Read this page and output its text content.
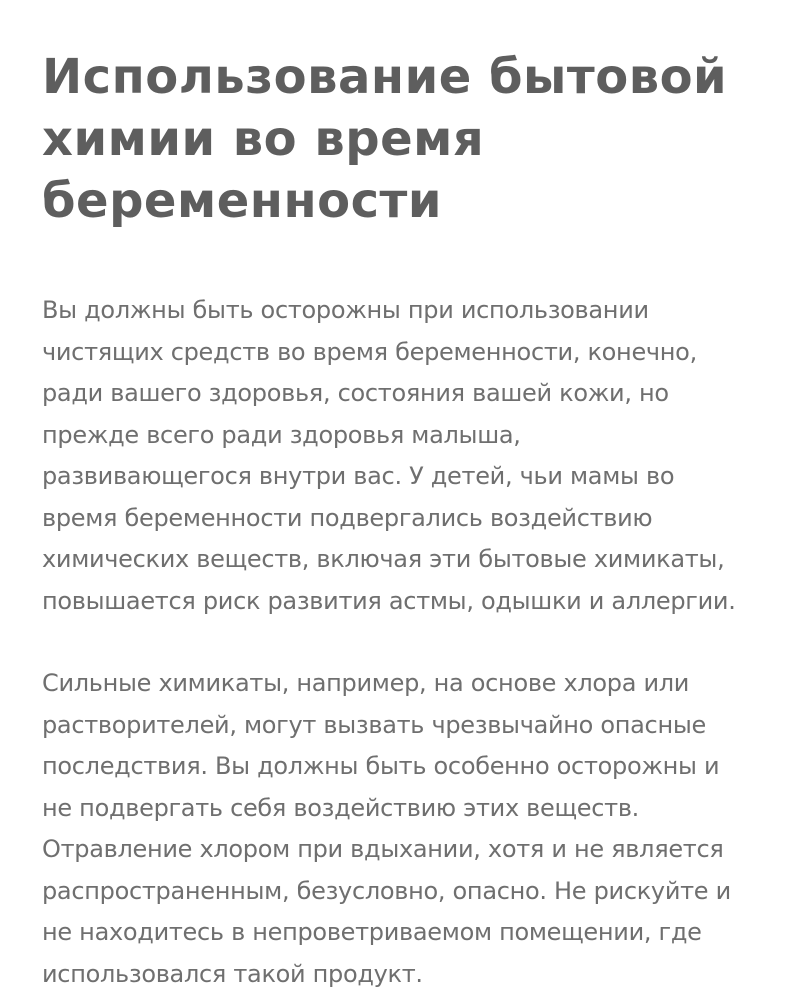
Использование бытовой
химии во время
беременности

Вы должны быть осторожны при использовании
чистящих средств во время беременности, конечно,
ради вашего здоровья, состояния вашей кожи, но
прежде всего ради здоровья малыша,
развивающегося внутри вас. У детей, чьи мамы во
время беременности подвергались воздействию
химических веществ, включая эти бытовые химикаты,
повышается риск развития астмы, одышки и аллергии.

Сильные химикаты, например, на основе хлора или
растворителей, могут вызвать чрезвычайно опасные
последствия. Вы должны быть особенно осторожны и
не подвергать себя воздействию этих веществ.
Отравление хлором при вдыхании, хотя и не является
распространенным, безусловно, опасно. Не рискуйте и
не находитесь в непроветриваемом помещении, где
использовался такой продукт.
